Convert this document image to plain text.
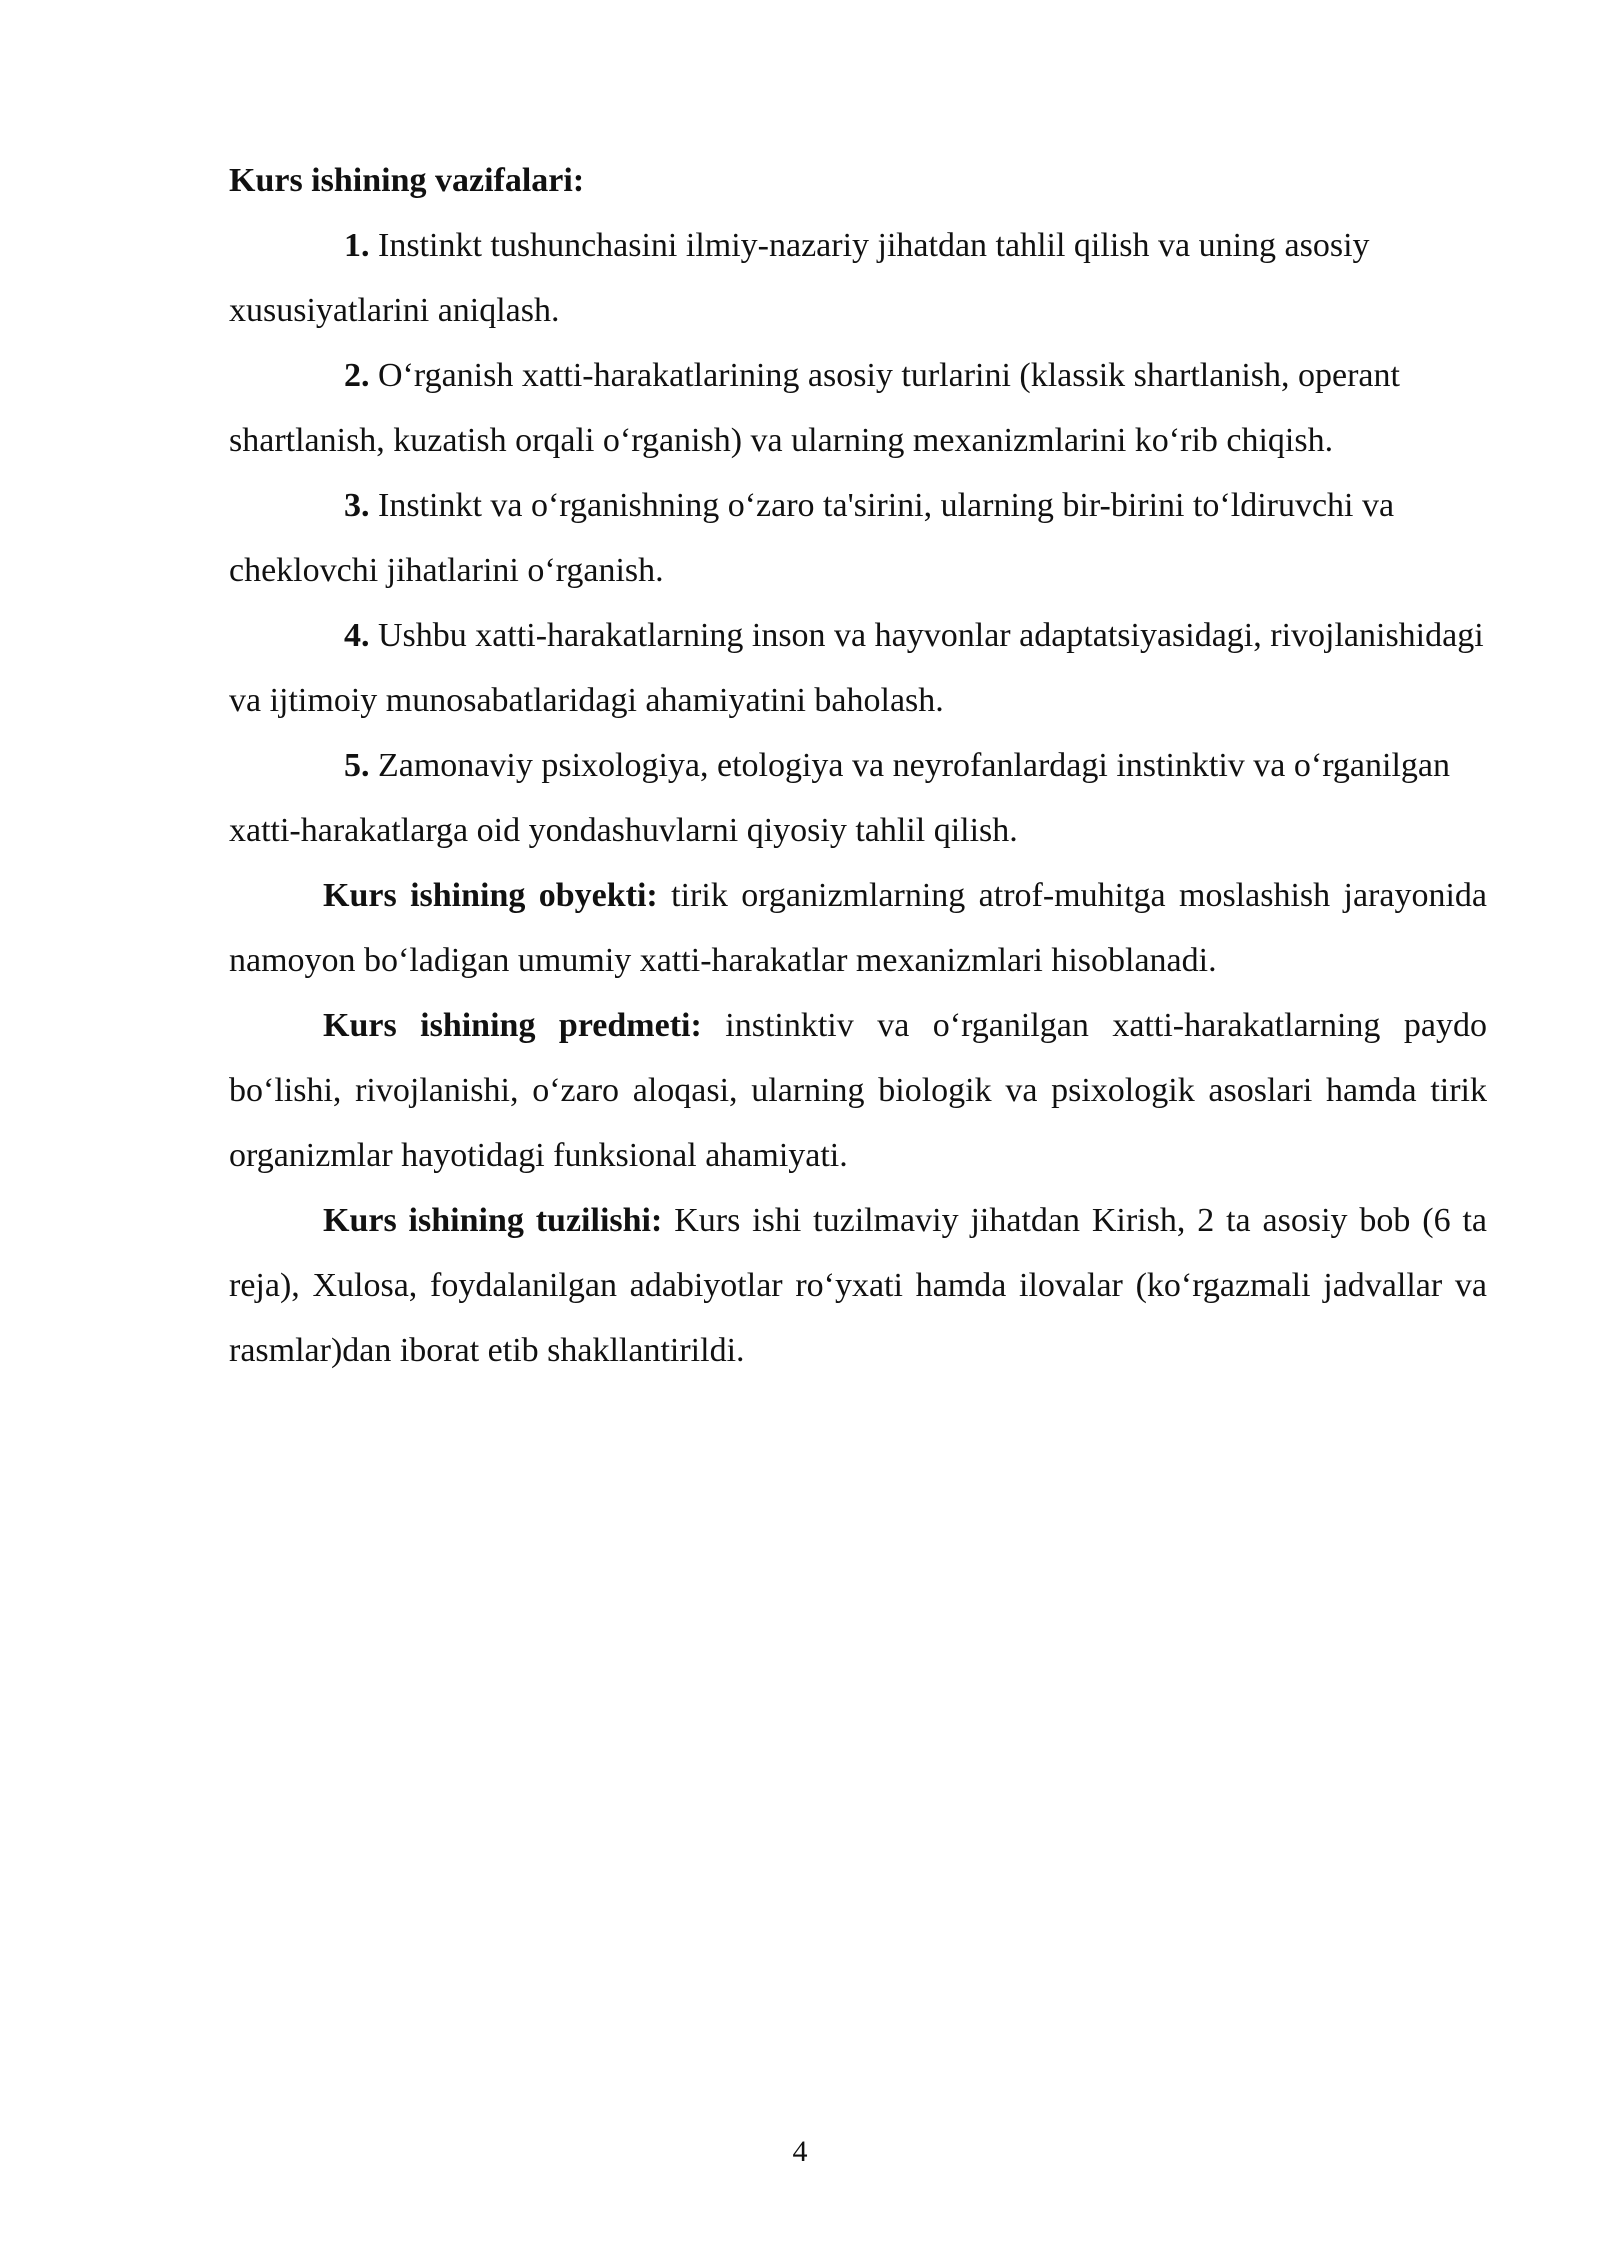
Kurs ishining vazifalari:

1. Instinkt tushunchasini ilmiy-nazariy jihatdan tahlil qilish va uning asosiy xususiyatlarini aniqlash.

2. O‘rganish xatti-harakatlarining asosiy turlarini (klassik shartlanish, operant shartlanish, kuzatish orqali o‘rganish) va ularning mexanizmlarini ko‘rib chiqish.

3. Instinkt va o‘rganishning o‘zaro ta'sirini, ularning bir-birini to‘ldiruvchi va cheklovchi jihatlarini o‘rganish.

4. Ushbu xatti-harakatlarning inson va hayvonlar adaptatsiyasidagi, rivojlanishidagi va ijtimoiy munosabatlaridagi ahamiyatini baholash.

5. Zamonaviy psixologiya, etologiya va neyrofanlardagi instinktiv va o‘rganilgan xatti-harakatlarga oid yondashuvlarni qiyosiy tahlil qilish.

Kurs ishining obyekti: tirik organizmlarning atrof-muhitga moslashish jarayonida namoyon bo‘ladigan umumiy xatti-harakatlar mexanizmlari hisoblanadi.

Kurs ishining predmeti: instinktiv va o‘rganilgan xatti-harakatlarning paydo bo‘lishi, rivojlanishi, o‘zaro aloqasi, ularning biologik va psixologik asoslari hamda tirik organizmlar hayotidagi funksional ahamiyati.

Kurs ishining tuzilishi: Kurs ishi tuzilmaviy jihatdan Kirish, 2 ta asosiy bob (6 ta reja), Xulosa, foydalanilgan adabiyotlar ro‘yxati hamda ilovalar (ko‘rgazmali jadvallar va rasmlar)dan iborat etib shakllantirildi.

4
